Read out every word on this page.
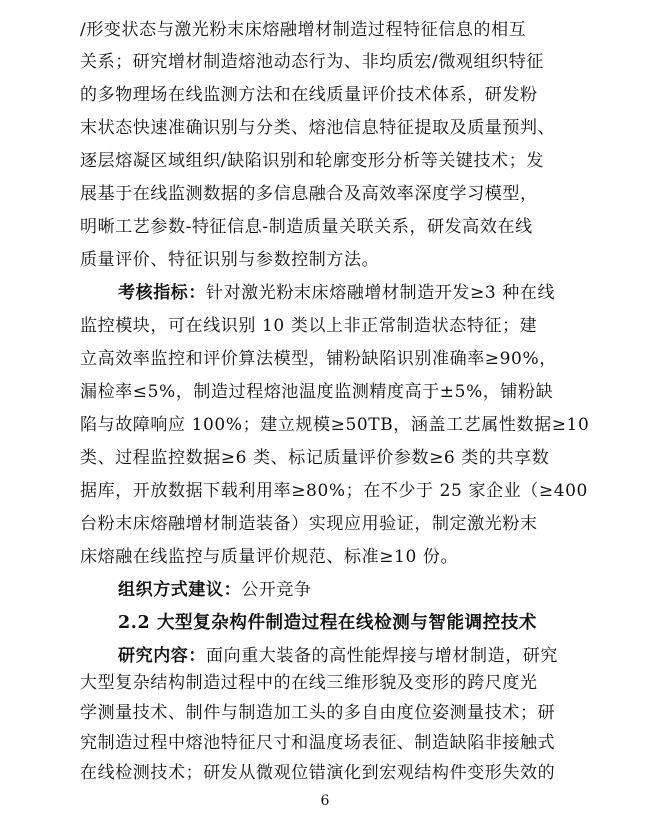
/形变状态与激光粉末床熔融增材制造过程特征信息的相互
关系；研究增材制造熔池动态行为、非均质宏/微观组织特征
的多物理场在线监测方法和在线质量评价技术体系，研发粉
末状态快速准确识别与分类、熔池信息特征提取及质量预判、
逐层熔凝区域组织/缺陷识别和轮廓变形分析等关键技术；发
展基于在线监测数据的多信息融合及高效率深度学习模型，
明晰工艺参数-特征信息-制造质量关联关系，研发高效在线
质量评价、特征识别与参数控制方法。
考核指标：针对激光粉末床熔融增材制造开发≥3 种在线
监控模块，可在线识别 10 类以上非正常制造状态特征；建
立高效率监控和评价算法模型，铺粉缺陷识别准确率≥90%，
漏检率≤5%，制造过程熔池温度监测精度高于±5%，铺粉缺
陷与故障响应 100%；建立规模≥50TB，涵盖工艺属性数据≥10
类、过程监控数据≥6 类、标记质量评价参数≥6 类的共享数
据库，开放数据下载利用率≥80%；在不少于 25 家企业（≥400
台粉末床熔融增材制造装备）实现应用验证，制定激光粉末
床熔融在线监控与质量评价规范、标准≥10 份。
组织方式建议：公开竞争
2.2 大型复杂构件制造过程在线检测与智能调控技术
研究内容：面向重大装备的高性能焊接与增材制造，研究
大型复杂结构制造过程中的在线三维形貌及变形的跨尺度光
学测量技术、制件与制造加工头的多自由度位姿测量技术；研
究制造过程中熔池特征尺寸和温度场表征、制造缺陷非接触式
在线检测技术；研发从微观位错演化到宏观结构件变形失效的
6
